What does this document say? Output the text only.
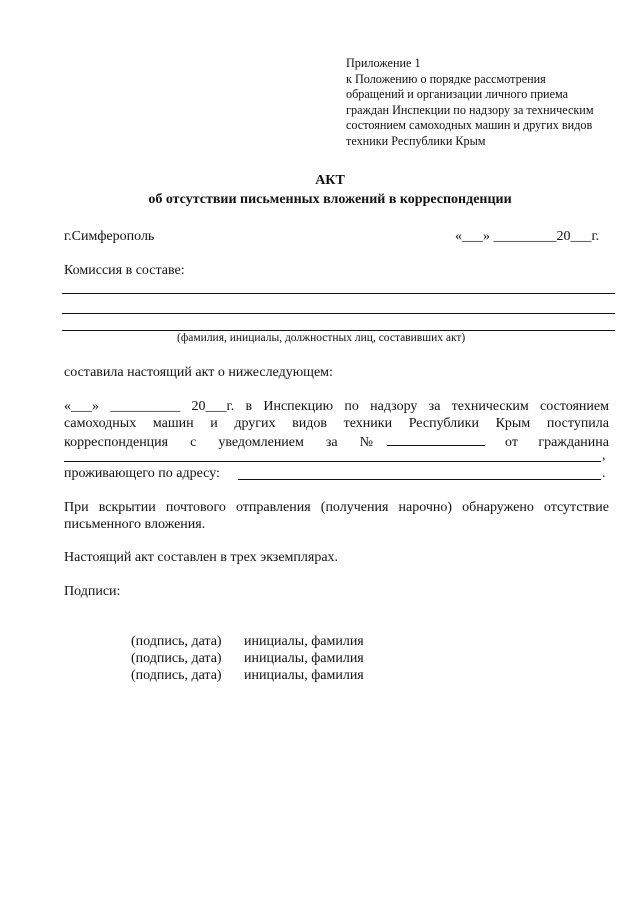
Приложение 1
к Положению о порядке рассмотрения
обращений и организации личного приема
граждан Инспекции по надзору за техническим
состоянием самоходных машин и других видов
техники Республики Крым
АКТ
об отсутствии письменных вложений в корреспонденции
г.Симферополь	«___» _________20___г.
Комиссия в составе:
(фамилия, инициалы, должностных лиц, составивших акт)
составила настоящий акт о нижеследующем:
«___» __________ 20___г. в Инспекцию по надзору за техническим состоянием
самоходных машин и других видов техники Республики Крым поступила
корреспонденция с уведомлением за №	от гражданина
,
проживающего по адресу:	.
При вскрытии почтового отправления (получения нарочно) обнаружено отсутствие
письменного вложения.
Настоящий акт составлен в трех экземплярах.
Подписи:
(подпись, дата) инициалы, фамилия
(подпись, дата) инициалы, фамилия
(подпись, дата) инициалы, фамилия
